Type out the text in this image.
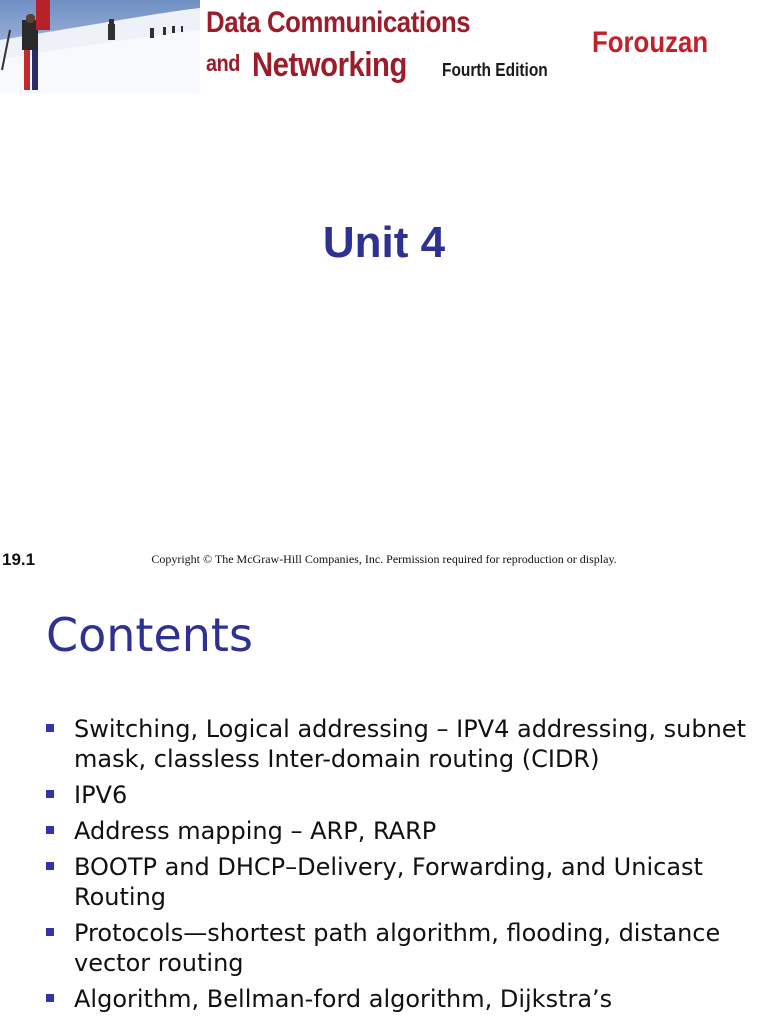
Data Communications
and Networking Fourth Edition
Forouzan
Unit 4
19.1	Copyright © The McGraw-Hill Companies, Inc. Permission required for reproduction or display.
Contents
Switching, Logical addressing – IPV4 addressing, subnet mask, classless Inter-domain routing (CIDR)
IPV6
Address mapping – ARP, RARP
BOOTP and DHCP–Delivery, Forwarding, and Unicast Routing
Protocols—shortest path algorithm, flooding, distance vector routing
Algorithm, Bellman-ford algorithm, Dijkstra’s
